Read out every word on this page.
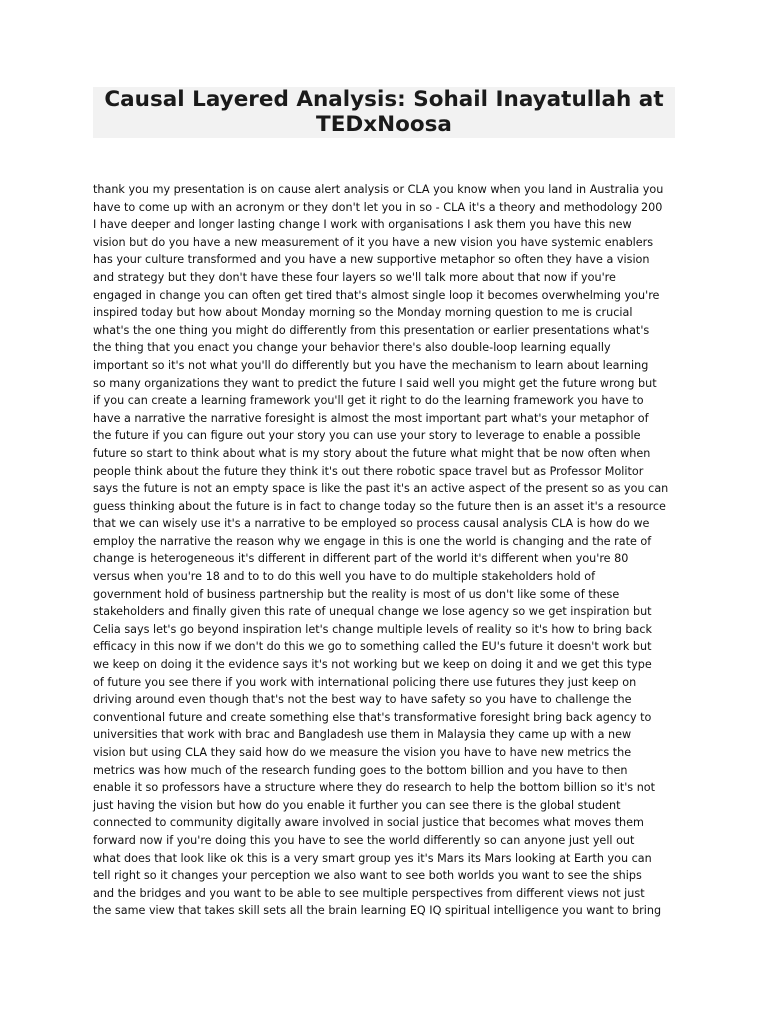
Causal Layered Analysis: Sohail Inayatullah at TEDxNoosa
thank you my presentation is on cause alert analysis or CLA you know when you land in Australia you
have to come up with an acronym or they don't let you in so - CLA it's a theory and methodology 200
I have deeper and longer lasting change I work with organisations I ask them you have this new
vision but do you have a new measurement of it you have a new vision you have systemic enablers
has your culture transformed and you have a new supportive metaphor so often they have a vision
and strategy but they don't have these four layers so we'll talk more about that now if you're
engaged in change you can often get tired that's almost single loop it becomes overwhelming you're
inspired today but how about Monday morning so the Monday morning question to me is crucial
what's the one thing you might do differently from this presentation or earlier presentations what's
the thing that you enact you change your behavior there's also double-loop learning equally
important so it's not what you'll do differently but you have the mechanism to learn about learning
so many organizations they want to predict the future I said well you might get the future wrong but
if you can create a learning framework you'll get it right to do the learning framework you have to
have a narrative the narrative foresight is almost the most important part what's your metaphor of
the future if you can figure out your story you can use your story to leverage to enable a possible
future so start to think about what is my story about the future what might that be now often when
people think about the future they think it's out there robotic space travel but as Professor Molitor
says the future is not an empty space is like the past it's an active aspect of the present so as you can
guess thinking about the future is in fact to change today so the future then is an asset it's a resource
that we can wisely use it's a narrative to be employed so process causal analysis CLA is how do we
employ the narrative the reason why we engage in this is one the world is changing and the rate of
change is heterogeneous it's different in different part of the world it's different when you're 80
versus when you're 18 and to to do this well you have to do multiple stakeholders hold of
government hold of business partnership but the reality is most of us don't like some of these
stakeholders and finally given this rate of unequal change we lose agency so we get inspiration but
Celia says let's go beyond inspiration let's change multiple levels of reality so it's how to bring back
efficacy in this now if we don't do this we go to something called the EU's future it doesn't work but
we keep on doing it the evidence says it's not working but we keep on doing it and we get this type
of future you see there if you work with international policing there use futures they just keep on
driving around even though that's not the best way to have safety so you have to challenge the
conventional future and create something else that's transformative foresight bring back agency to
universities that work with brac and Bangladesh use them in Malaysia they came up with a new
vision but using CLA they said how do we measure the vision you have to have new metrics the
metrics was how much of the research funding goes to the bottom billion and you have to then
enable it so professors have a structure where they do research to help the bottom billion so it's not
just having the vision but how do you enable it further you can see there is the global student
connected to community digitally aware involved in social justice that becomes what moves them
forward now if you're doing this you have to see the world differently so can anyone just yell out
what does that look like ok this is a very smart group yes it's Mars its Mars looking at Earth you can
tell right so it changes your perception we also want to see both worlds you want to see the ships
and the bridges and you want to be able to see multiple perspectives from different views not just
the same view that takes skill sets all the brain learning EQ IQ spiritual intelligence you want to bring
